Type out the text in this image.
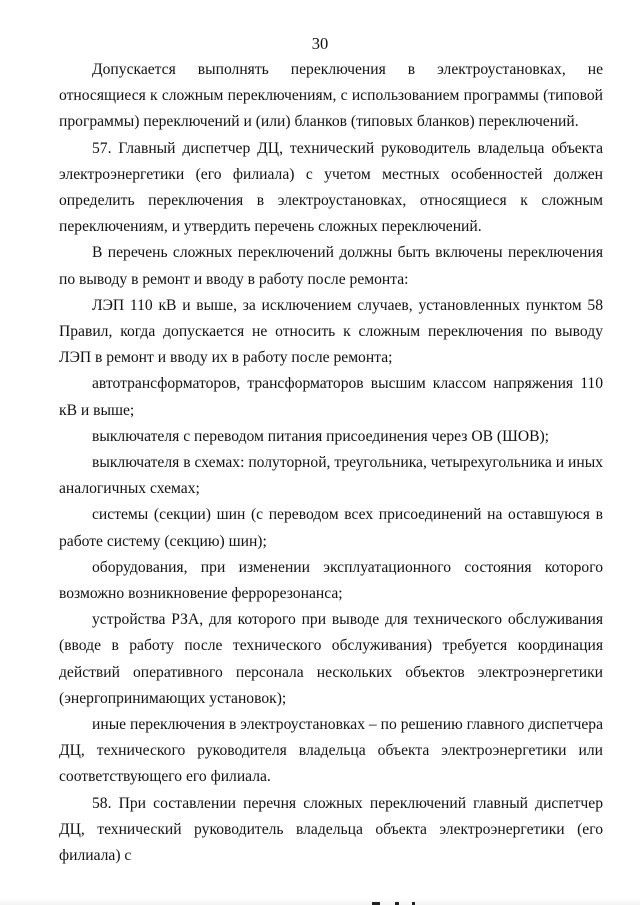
30

Допускается выполнять переключения в электроустановках, не относящиеся к сложным переключениям, с использованием программы (типовой программы) переключений и (или) бланков (типовых бланков) переключений.

57. Главный диспетчер ДЦ, технический руководитель владельца объекта электроэнергетики (его филиала) с учетом местных особенностей должен определить переключения в электроустановках, относящиеся к сложным переключениям, и утвердить перечень сложных переключений.

В перечень сложных переключений должны быть включены переключения по выводу в ремонт и вводу в работу после ремонта:

ЛЭП 110 кВ и выше, за исключением случаев, установленных пунктом 58 Правил, когда допускается не относить к сложным переключения по выводу ЛЭП в ремонт и вводу их в работу после ремонта;

автотрансформаторов, трансформаторов высшим классом напряжения 110 кВ и выше;

выключателя с переводом питания присоединения через ОВ (ШОВ);

выключателя в схемах: полуторной, треугольника, четырехугольника и иных аналогичных схемах;

системы (секции) шин (с переводом всех присоединений на оставшуюся в работе систему (секцию) шин);

оборудования, при изменении эксплуатационного состояния которого возможно возникновение феррорезонанса;

устройства РЗА, для которого при выводе для технического обслуживания (вводе в работу после технического обслуживания) требуется координация действий оперативного персонала нескольких объектов электроэнергетики (энергопринимающих установок);

иные переключения в электроустановках – по решению главного диспетчера ДЦ, технического руководителя владельца объекта электроэнергетики или соответствующего его филиала.

58. При составлении перечня сложных переключений главный диспетчер ДЦ, технический руководитель владельца объекта электроэнергетики (его филиала) с
